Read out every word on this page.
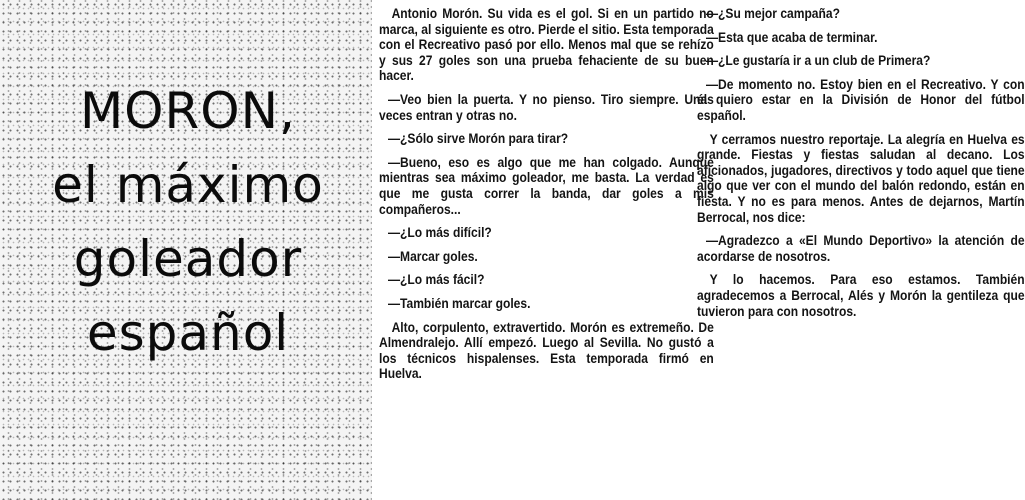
MORON,
el máximo
goleador
español

Antonio Morón. Su vida es el gol. Si en un partido no marca, al siguiente es otro. Pierde el sitio. Esta temporada con el Recreativo pasó por ello. Menos mal que se rehízo y sus 27 goles son una prueba fehaciente de su buen hacer.

—Veo bien la puerta. Y no pienso. Tiro siempre. Unas veces entran y otras no.

—¿Sólo sirve Morón para tirar?

—Bueno, eso es algo que me han colgado. Aunque mientras sea máximo goleador, me basta. La verdad es que me gusta correr la banda, dar goles a mis compañeros...

—¿Lo más difícil?

—Marcar goles.

—¿Lo más fácil?

—También marcar goles.

Alto, corpulento, extravertido. Morón es extremeño. De Almendralejo. Allí empezó. Luego al Sevilla. No gustó a los técnicos hispalenses. Esta temporada firmó en Huelva.

—¿Su mejor campaña?

—Esta que acaba de terminar.

—¿Le gustaría ir a un club de Primera?

—De momento no. Estoy bien en el Recreativo. Y con él quiero estar en la División de Honor del fútbol español.

Y cerramos nuestro reportaje. La alegría en Huelva es grande. Fiestas y fiestas saludan al decano. Los aficionados, jugadores, directivos y todo aquel que tiene algo que ver con el mundo del balón redondo, están en fiesta. Y no es para menos. Antes de dejarnos, Martín Berrocal, nos dice:

—Agradezco a «El Mundo Deportivo» la atención de acordarse de nosotros.

Y lo hacemos. Para eso estamos. También agradecemos a Berrocal, Alés y Morón la gentileza que tuvieron para con nosotros.
